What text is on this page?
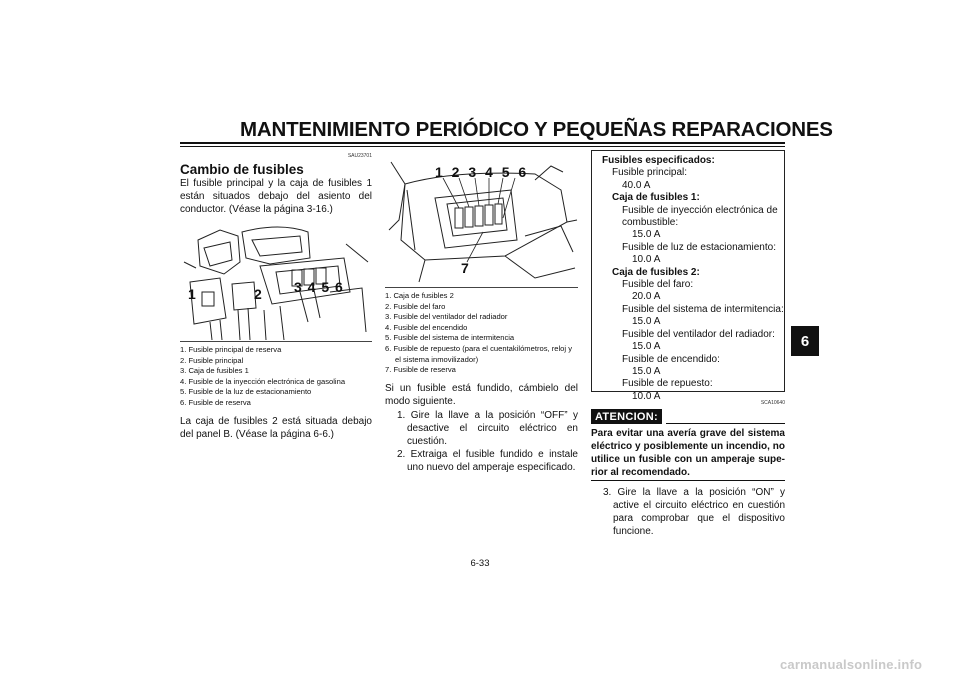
MANTENIMIENTO PERIÓDICO Y PEQUEÑAS REPARACIONES
6
SAU23701
Cambio de fusibles
El fusible principal y la caja de fusibles 1 están situados debajo del asiento del conductor. (Véase la página 3-16.)
1	2 3 4 5 6
1. Fusible principal de reserva
2. Fusible principal
3. Caja de fusibles 1
4. Fusible de la inyección electrónica de gasolina
5. Fusible de la luz de estacionamiento
6. Fusible de reserva
La caja de fusibles 2 está situada debajo del panel B. (Véase la página 6-6.)
1 2 3 4 5 6
7
1. Caja de fusibles 2
2. Fusible del faro
3. Fusible del ventilador del radiador
4. Fusible del encendido
5. Fusible del sistema de intermitencia
6. Fusible de repuesto (para el cuentakilómetros, reloj y el sistema inmovilizador)
7. Fusible de reserva
Si un fusible está fundido, cámbielo del modo siguiente.
1. Gire la llave a la posición “OFF” y desactive el circuito eléctrico en cuestión.
2. Extraiga el fusible fundido e instale uno nuevo del amperaje especificado.
Fusibles especificados:
Fusible principal:
40.0 A
Caja de fusibles 1:
Fusible de inyección electrónica de combustible:
15.0 A
Fusible de luz de estacionamiento:
10.0 A
Caja de fusibles 2:
Fusible del faro:
20.0 A
Fusible del sistema de intermitencia:
15.0 A
Fusible del ventilador del radiador:
15.0 A
Fusible de encendido:
15.0 A
Fusible de repuesto:
10.0 A
SCA10640
ATENCION:
Para evitar una avería grave del sistema eléctrico y posiblemente un incendio, no utilice un fusible con un amperaje superior al recomendado.
3. Gire la llave a la posición “ON” y active el circuito eléctrico en cuestión para comprobar que el dispositivo funcione.
6-33
carmanualsonline.info
